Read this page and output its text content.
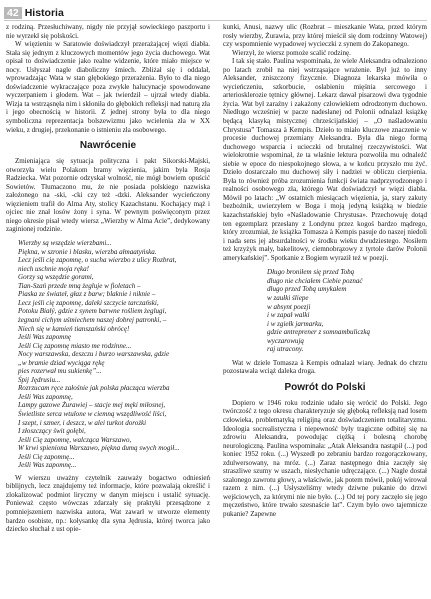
42 Historia

z rodziną. Przesłuchiwany, nigdy nie przyjął sowieckiego paszportu i nie wyrzekł się polskości.

W więzieniu w Saratowie doświadczył przerażającej więzi diabła. Stała się jednym z kluczowych momentów jego życia duchowego. Wat opisał to doświadczenie jako realne widzenie, które miało miejsce w nocy. Usłyszał nagle diaboliczny śmiech. Zbliżał się i oddalał, wprowadzając Wata w stan głębokiego przerażenia. Było to dla niego doświadczenie wykraczające poza zwykłe halucynacje spowodowane wyczerpaniem i głodem. Wat – jak twierdził – ujrzał wtedy diabła. Wizja ta wstrząsnęła nim i skłoniła do głębokich refleksji nad naturą zła i jego obecnością w historii. Z jednej strony była to dla niego symboliczna reprezentacja bolszewizmu jako wcielenia zła w XX wieku, z drugiej, przekonanie o istnieniu zła osobowego.

Nawrócenie

Zmieniająca się sytuacja polityczna i pakt Sikorski-Majski, otworzyła wielu Polakom bramy więzienia, jakim była Rosja Radziecka. Wat pozornie odzyskał wolność, nie mógł bowiem opuścić Sowietów. Tłumaczono mu, że nie posiada polskiego nazwiska założonego na -ski, -cki czy też -dzki. Aleksander wycieńczony więzieniem trafił do Alma Aty, stolicy Kazachstanu. Kochający mąż i ojciec nie znał losów żony i syna. W pewnym poświęconym przez niego okresie pisał wtedy wiersz „Wierzby w Alma Acie”, dedykowany zaginionej rodzinie.

Wierzby są wszędzie wierzbami...
Piękna, w szronie i blasku, wierzba ałmaatyńska.
Lecz jeśli cię zapomnę, o sucha wierzbo z ulicy Rozbrat,
niech uschnie moja ręka!
Gorzy są wszędzie gorami,
Tian-Szań przede mną żegluje w fioletach –
Piaska ze świateł, głaz z barw; blaknie i niknie –
Lecz jeśli cię zapomnę, daleki szczycie tarczański,
Potoku Białý, gdzie z synem barwne rośliem żeglugi,
żegnani cichym uśmiechem naszej dobrej patronki, –
Niech się w kamień tianszański obrócę!
Jeśli Was zapomnę
Jeśli Cię zapomnę miasto me rodzinne...
Nocy warszawska, deszczu i burzo warszawska, gdzie
„w bramie dziad wyciąga rękę
pies rozerwał mu sukienkę”...
Śpij Jędrusiu...
Rozrzucam ręce załośnie jak polska płacząca wierzba
Jeśli Was zapomnę,
Lampy gazowe Żurawiej – stacje mej męki miłosnej,
Świetliste serca wtulone w ciemną wszędliwość liści,
I szept, i szmer, i deszcz, w alei turkot dorożki
I złoszczący świt gołębi,
Jeśli Cię zapomnę, walcząca Warszawo,
W krwi spieniona Warszawo, pięknа dumą swych mogił...
Jeśli Cię zapomnę...
Jeśli Was zapomnę...

W wierszu uważny czytelnik zauważy bogactwo odniesień biblijnych, lecz znajdujemy też informacje, które pozwalają określić i zlokalizować podmiot liryczny w danym miejscu i ustalić sytuację. Ponieważ często wówczas zdarzały się praktyki przesądzone z pomniejszeniem nazwiska autora, Wat zawarł w utworze elementy bardzo osobiste, np.: kołysankę dla syna Jędrusia, której tworca jako dziecko słuchał z ust opie-

kunki, Anusi, nazwy ulic (Rozbrat – mieszkanie Wata, przed którym rosły wierzby, Żurawia, przy której mieścił się dom rodzinny Watowej) czy wspomnienie wypadowej wycieczki z synem do Zakopanego.

Wierzył, że wiersz pomoże scalić rodzinę.

I tak się stało. Paulina wspominała, że wiele Aleksandra odnaleziono po latach zrobił na niej wstrząsające wrażenie. Był już to inny Aleksander, zniszczony fizycznie. Diagnoza lekarska mówiła o wycieńczeniu, szkorbucie, osłabieniu mięśnia sercowego i arteriosklerozie tętnicy głównej. Lekarz dawał pisarzowi dwa tygodnie życia. Wat był zaraźny i zakażony człowiekiem odrodzonym duchowo. Niedługo wcześniej w pacze nadesłanej od Polonii odnalazł książkę będącą klasyką mistycznej chrześcijańskiej – „O naśladowaniu Chrystusa” Tomasza à Kempis. Dzieło to miało kluczowe znaczenie w procesie duchowej przemiany Aleksandra. Była dla niego formą duchowego wsparcia i ucieczki od brutalnej rzeczywistości. Wat wielokrotnie wspominał, że ta właśnie lektura pozwoliła mu odnaleźć siebie w epoce do niespokojnego słowa, a w końcu przyszło mu żyć. Dzieło dostarczało mu duchowej siły i nadziei w obliczu cierpienia. Była to również próba zrozumienia funkcji świata nadprzyrodzonego i realności osobowego zła, którego Wat doświadczył w więzi diabła. Mówił po latach: „W ostatnich miesiącach więzienia, ja, stary zakuty bezbożnik, uwierzyłem w Boga i moją jedyną książką w biedzie kazachstańskiej było «Naśladowanie Chrystusa». Przechowuję dotąd ten egzemplarz przesłany z Londynu przez kogoś bardzo mądrego, który zrozumiał, że książka Tomasza à Kempis pasuje do naszej niedoli i nada sens jej absurdalności w środku wieku dwudziestego. Nosiłem też krzyżyk mały, bakelitowy, ciemnobrązowy z tyrtole darów Polonii amerykańskiej”. Spotkanie z Bogiem wyraził też w poezji.

Długo broniłem się przed Tobą
długo nie chciałem Ciebie poznać
długo przed Tobą umykałem
w zaułki śliepe
w absynt poezji
i w zapał walki
i w zgiełk jarmarku,
gdzie antreprener z somnambuliczką
wyczarowują
raj utracony.

Wat w dziele Tomasza à Kempis odnalazł wiarę. Jednak do chrztu pozostawała wciąż daleka droga.

Powrót do Polski

Dopiero w 1946 roku rodzinie udało się wrócić do Polski. Jego twórczość z tego okresu charakteryzuje się głęboką refleksją nad losem człowieka, problematyką religijną oraz doświadczeniem totalitaryzmu. Ideologia socrealistyczna i niepewność były tragiczne odbitej się na zdrowiu Aleksandra, powodując ciężką i bolesną chorobę neurologiczną. Paulina wspominała: „Atak Aleksandra nastąpił (...) pod koniec 1952 roku. (...) Wyszedł po zebraniu bardzo rozgorączkowany, zdulwersowany, na mróz. (...) Zaraz następnego dnia zaczęły się straszliwe szumy w uszach, niesłychanie udręczające. (...) Nagle dostał szalonego zawrotu głowy, a właściwie, jak potem mówił, pokój wirował razem z nim. (...) Usłyszeliśmy wtedy dziwne pukanie do drzwi wejściowych, za którymi nie nie było. (...) Od tej pory zaczęło się jego męczeństwo, które trwało szesnaście lat”. Czym było owo tajemnicze pukanie? Zapewne
